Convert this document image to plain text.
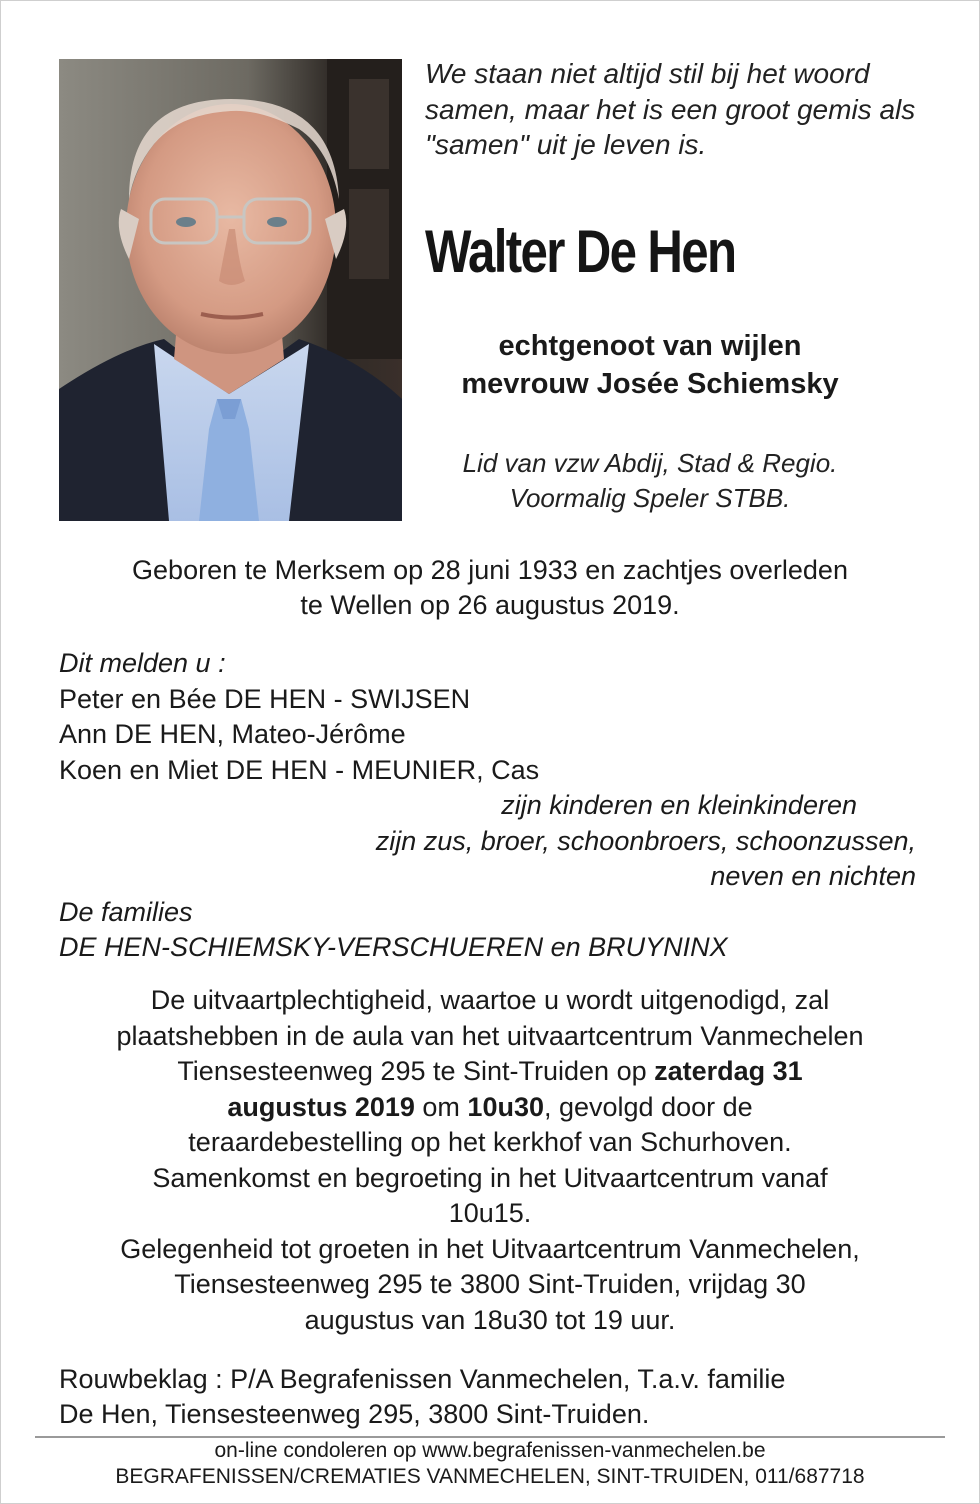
We staan niet altijd stil bij het woord samen, maar het is een groot gemis als "samen" uit je leven is.
Walter De Hen
echtgenoot van wijlen
mevrouw Josée Schiemsky
Lid van vzw Abdij, Stad & Regio.
Voormalig Speler STBB.
Geboren te Merksem op 28 juni 1933 en zachtjes overleden
te Wellen op 26 augustus 2019.
Dit melden u :
Peter en Bée DE HEN - SWIJSEN
Ann DE HEN, Mateo-Jérôme
Koen en Miet DE HEN - MEUNIER, Cas
zijn kinderen en kleinkinderen
zijn zus, broer, schoonbroers, schoonzussen,
neven en nichten
De families
DE HEN-SCHIEMSKY-VERSCHUEREN en BRUYNINX
De uitvaartplechtigheid, waartoe u wordt uitgenodigd, zal
plaatshebben in de aula van het uitvaartcentrum Vanmechelen
Tiensesteenweg 295 te Sint-Truiden op zaterdag 31
augustus 2019 om 10u30, gevolgd door de
teraardebestelling op het kerkhof van Schurhoven.
Samenkomst en begroeting in het Uitvaartcentrum vanaf
10u15.
Gelegenheid tot groeten in het Uitvaartcentrum Vanmechelen,
Tiensesteenweg 295 te 3800 Sint-Truiden, vrijdag 30
augustus van 18u30 tot 19 uur.
Rouwbeklag : P/A Begrafenissen Vanmechelen, T.a.v. familie
De Hen, Tiensesteenweg 295, 3800 Sint-Truiden.
on-line condoleren op www.begrafenissen-vanmechelen.be
BEGRAFENISSEN/CREMATIES VANMECHELEN, SINT-TRUIDEN, 011/687718
